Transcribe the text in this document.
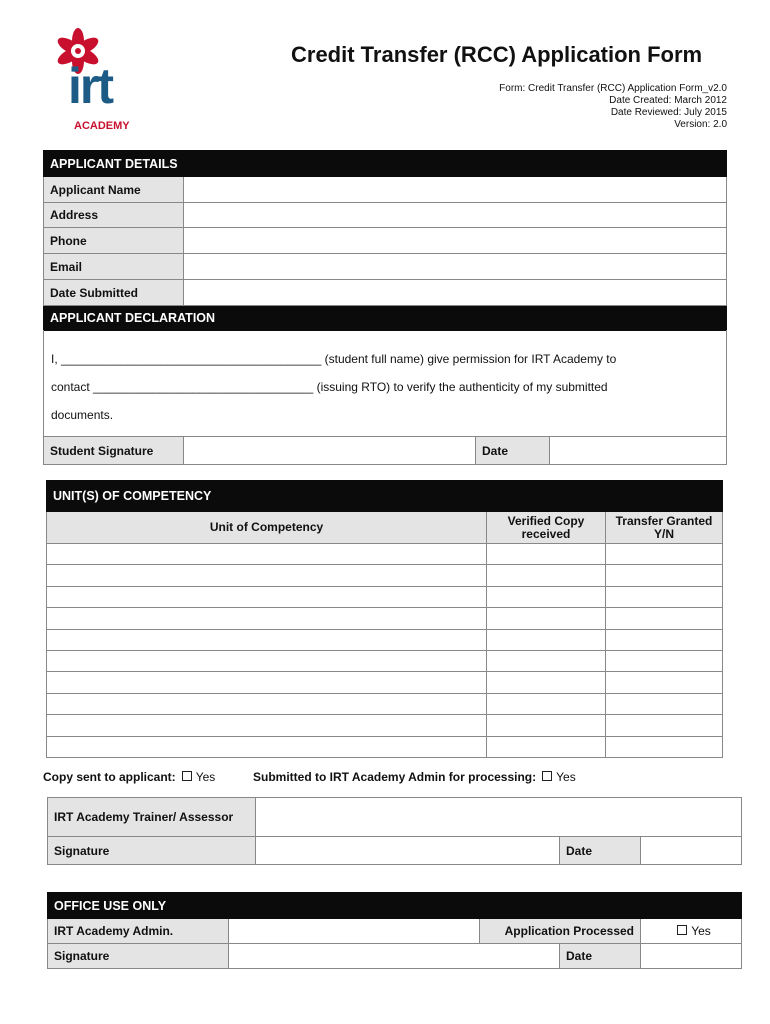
irt
ACADEMY
Credit Transfer (RCC) Application Form
Form: Credit Transfer (RCC) Application Form_v2.0
Date Created: March 2012
Date Reviewed: July 2015
Version: 2.0
APPLICANT DETAILS	
Applicant Name	
Address	
Phone	
Email	
Date Submitted	
APPLICANT DECLARATION	
I, _______________________________________ (student full name) give permission for IRT Academy to
contact _________________________________ (issuing RTO) to verify the authenticity of my submitted
documents.
Student Signature		Date	
UNIT(S) OF COMPETENCY		
Unit of Competency	Verified Copy received	Transfer Granted Y/N

Copy sent to applicant: Yes	Submitted to IRT Academy Admin for processing: Yes
IRT Academy Trainer/ Assessor			
Signature		Date	
OFFICE USE ONLY				
IRT Academy Admin.		Application Processed		Yes
Signature			Date	
